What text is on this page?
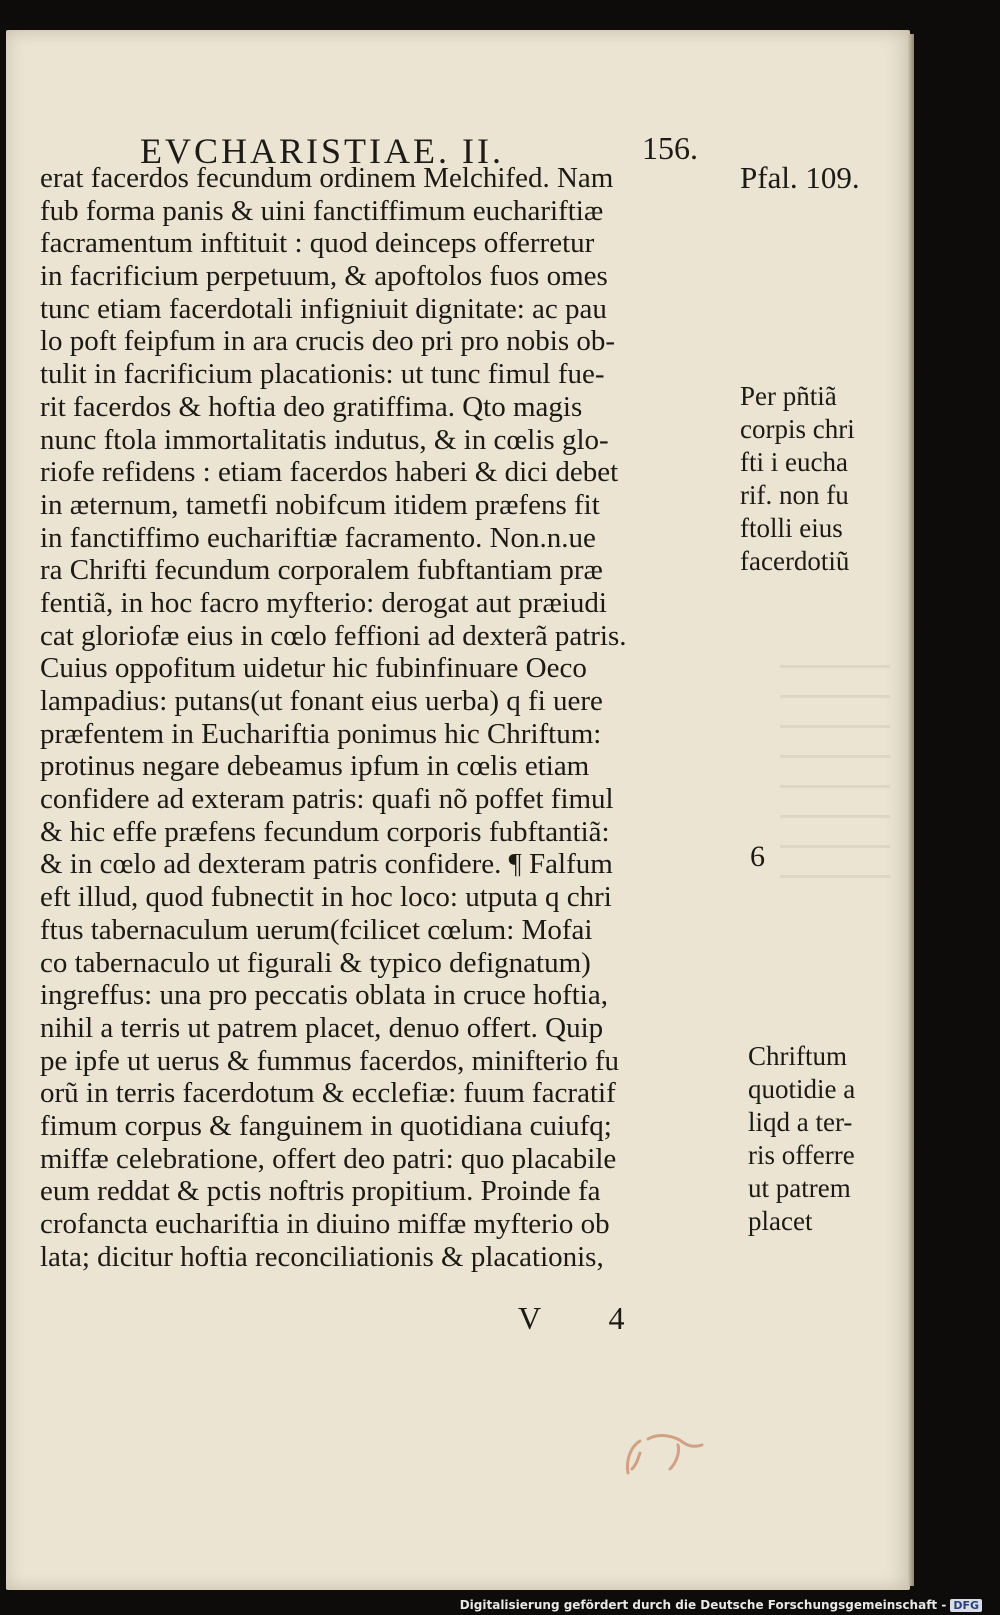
EVCHARISTIAE. II.	156.
erat facerdos fecundum ordinem Melchifed. Nam
fub forma panis & uini fanctiffimum euchariftiæ
facramentum inftituit : quod deinceps offerretur
in facrificium perpetuum, & apoftolos fuos omes
tunc etiam facerdotali infigniuit dignitate: ac pau
lo poft feipfum in ara crucis deo pri pro nobis ob-
tulit in facrificium placationis: ut tunc fimul fue-
rit facerdos & hoftia deo gratiffima. Qto magis
nunc ftola immortalitatis indutus, & in cœlis glo-
riofe refidens : etiam facerdos haberi & dici debet
in æternum, tametfi nobifcum itidem præfens fit
in fanctiffimo euchariftiæ facramento. Non.n.ue
ra Chrifti fecundum corporalem fubftantiam præ
fentiã, in hoc facro myfterio: derogat aut præiudi
cat gloriofæ eius in cœlo feffioni ad dexterã patris.
Cuius oppofitum uidetur hic fubinfinuare Oeco
lampadius: putans(ut fonant eius uerba) q fi uere
præfentem in Euchariftia ponimus hic Chriftum:
protinus negare debeamus ipfum in cœlis etiam
confidere ad exteram patris: quafi nõ poffet fimul
& hic effe præfens fecundum corporis fubftantiã:
& in cœlo ad dexteram patris confidere. ¶ Falfum
eft illud, quod fubnectit in hoc loco: utputa q chri
ftus tabernaculum uerum(fcilicet cœlum: Mofai
co tabernaculo ut figurali & typico defignatum)
ingreffus: una pro peccatis oblata in cruce hoftia,
nihil a terris ut patrem placet, denuo offert. Quip
pe ipfe ut uerus & fummus facerdos, minifterio fu
orũ in terris facerdotum & ecclefiæ: fuum facratif
fimum corpus & fanguinem in quotidiana cuiufq;
miffæ celebratione, offert deo patri: quo placabile
eum reddat & pctis noftris propitium. Proinde fa
crofancta euchariftia in diuino miffæ myfterio ob
lata; dicitur hoftia reconciliationis & placationis,
Pfal. 109.
Per pñtiã
corpis chri
fti i eucha
rif. non fu
ftolli eius
facerdotiũ
6
Chriftum
quotidie a
liqd a ter-
ris offerre
ut patrem
placet
V 4
Digitalisierung gefördert durch die Deutsche Forschungsgemeinschaft - DFG
